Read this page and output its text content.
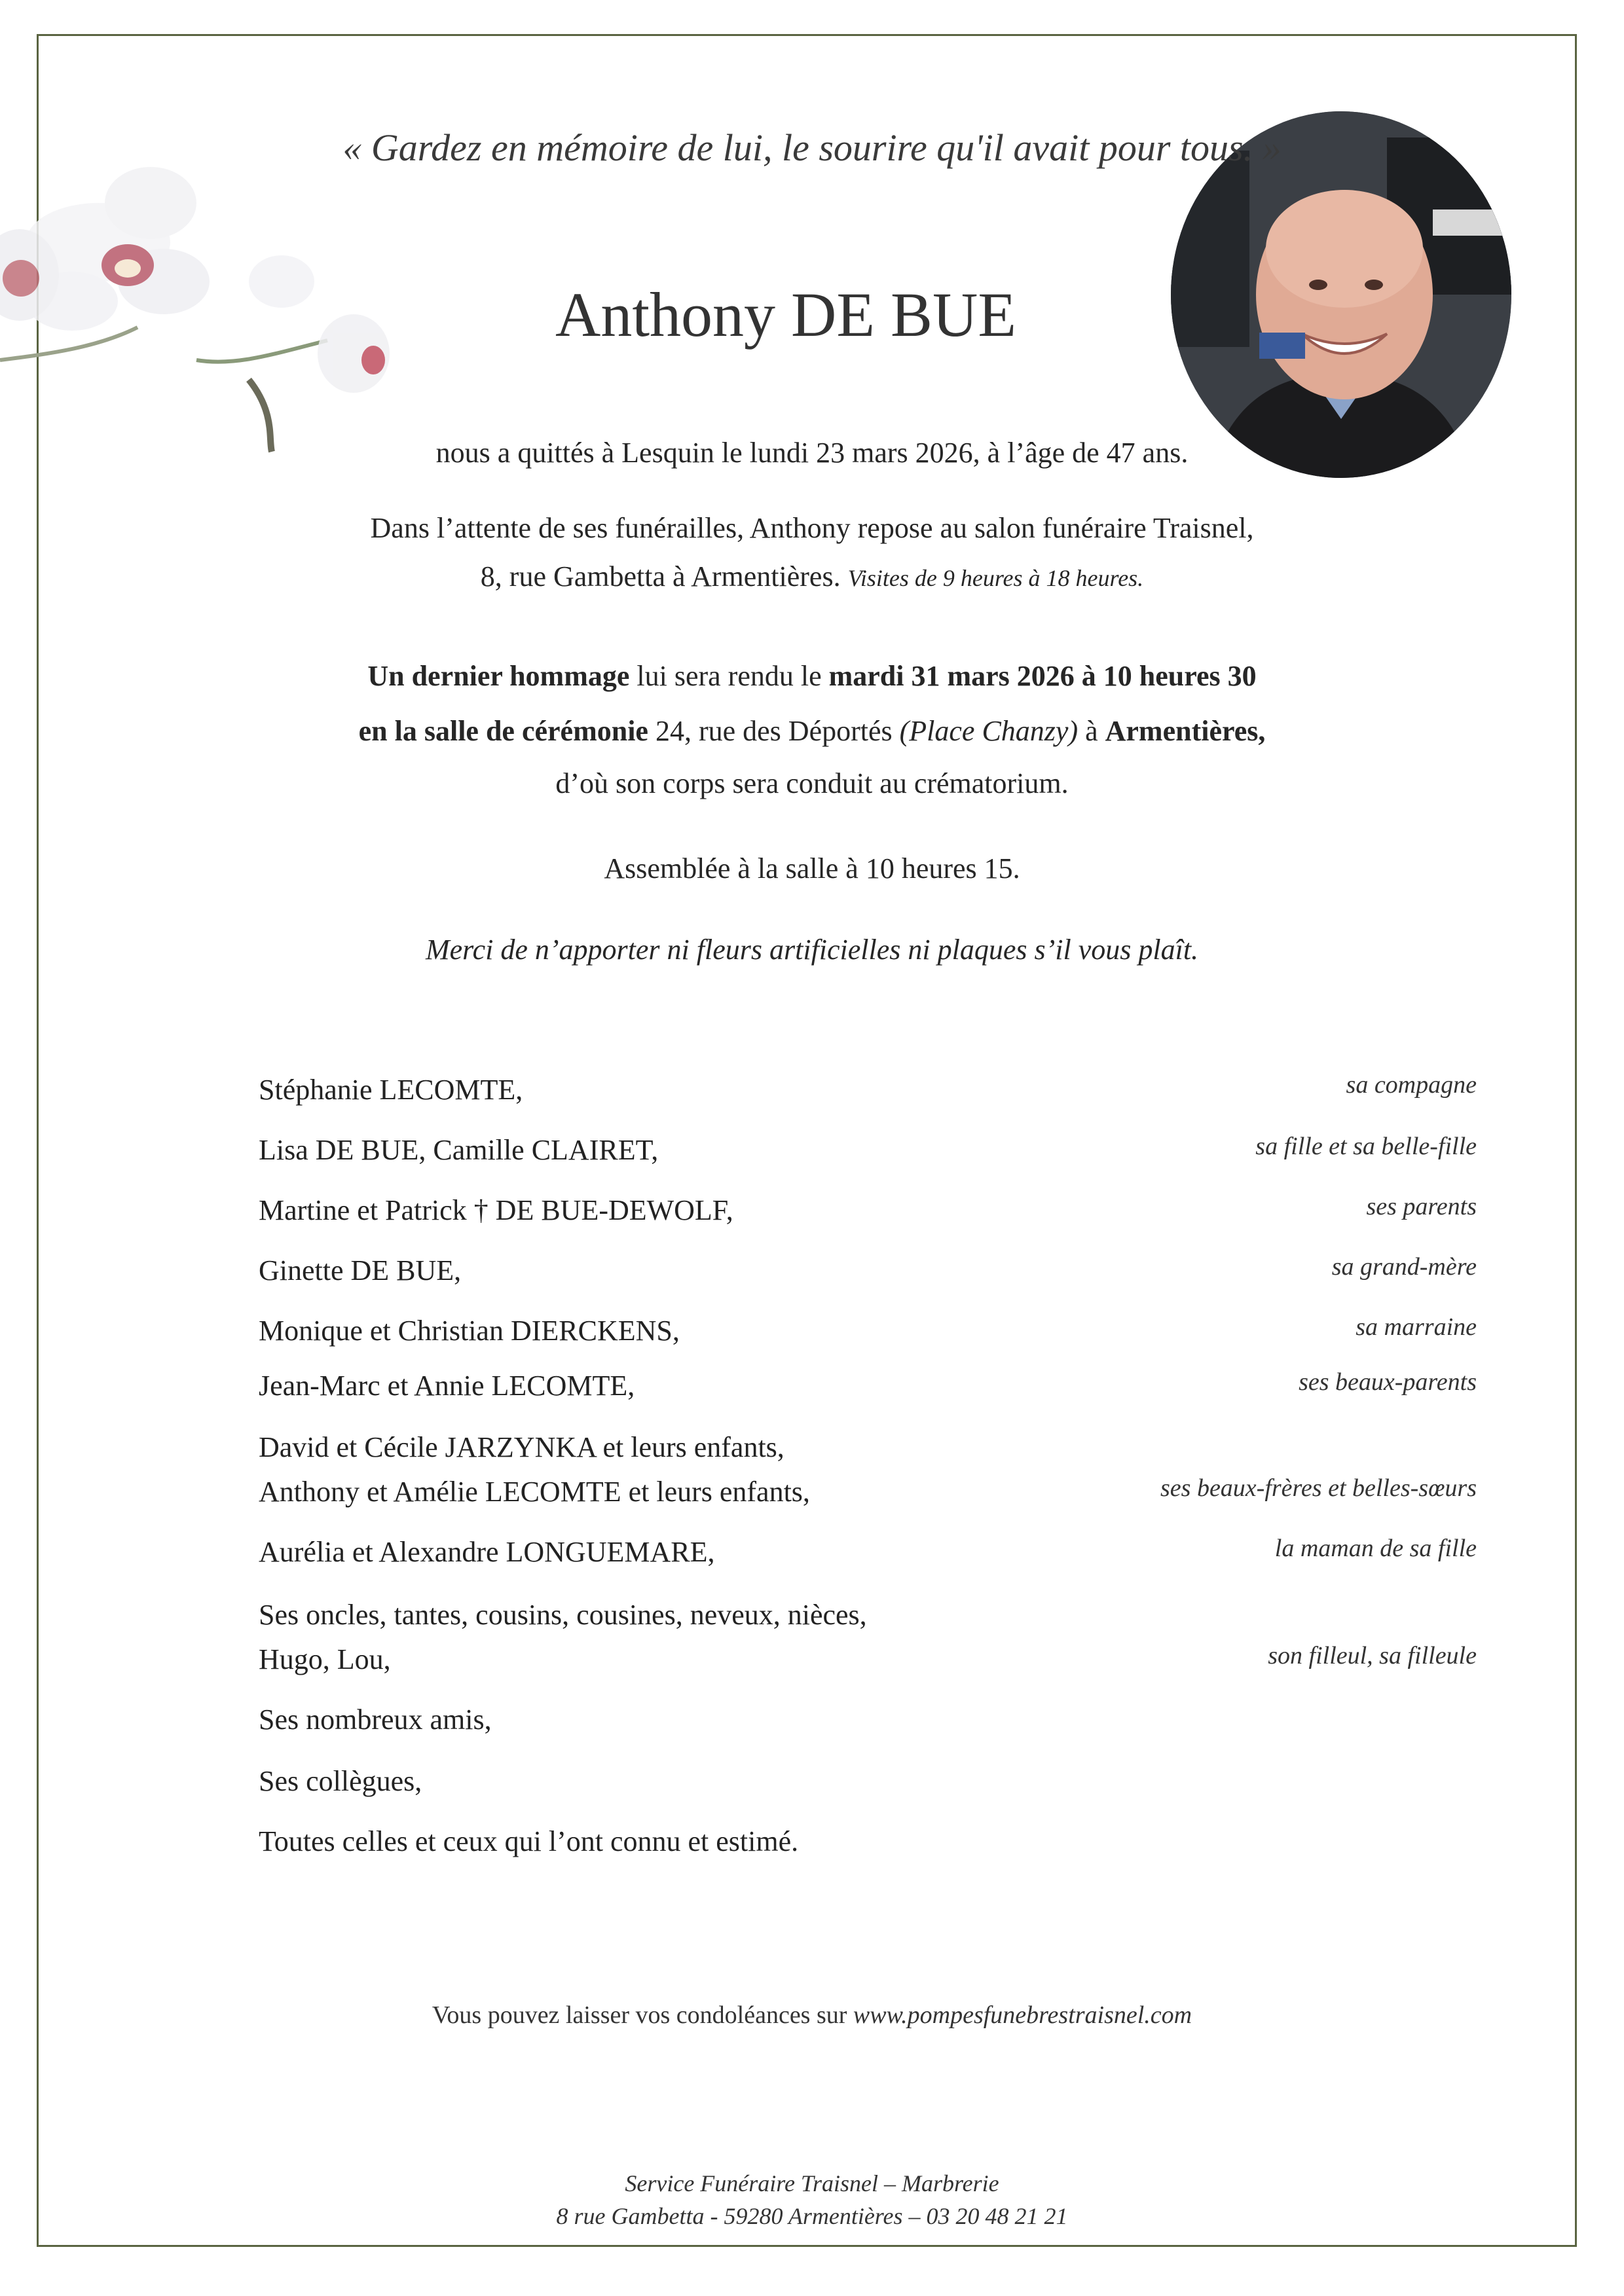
« Gardez en mémoire de lui, le sourire qu'il avait pour tous. »
Anthony DE BUE
nous a quittés à Lesquin le lundi 23 mars 2026, à l’âge de 47 ans.
Dans l’attente de ses funérailles, Anthony repose au salon funéraire Traisnel,
8, rue Gambetta à Armentières. Visites de 9 heures à 18 heures.
Un dernier hommage lui sera rendu le mardi 31 mars 2026 à 10 heures 30
en la salle de cérémonie 24, rue des Déportés (Place Chanzy) à Armentières,
d’où son corps sera conduit au crématorium.
Assemblée à la salle à 10 heures 15.
Merci de n’apporter ni fleurs artificielles ni plaques s’il vous plaît.
Stéphanie LECOMTE,	sa compagne
Lisa DE BUE, Camille CLAIRET,	sa fille et sa belle-fille
Martine et Patrick † DE BUE-DEWOLF,	ses parents
Ginette DE BUE,	sa grand-mère
Monique et Christian DIERCKENS,	sa marraine
Jean-Marc et Annie LECOMTE,	ses beaux-parents
David et Cécile JARZYNKA et leurs enfants,
Anthony et Amélie LECOMTE et leurs enfants,	ses beaux-frères et belles-sœurs
Aurélia et Alexandre LONGUEMARE,	la maman de sa fille
Ses oncles, tantes, cousins, cousines, neveux, nièces,
Hugo, Lou,	son filleul, sa filleule
Ses nombreux amis,
Ses collègues,
Toutes celles et ceux qui l’ont connu et estimé.
Vous pouvez laisser vos condoléances sur www.pompesfunebrestraisnel.com
Service Funéraire Traisnel – Marbrerie
8 rue Gambetta - 59280 Armentières – 03 20 48 21 21
